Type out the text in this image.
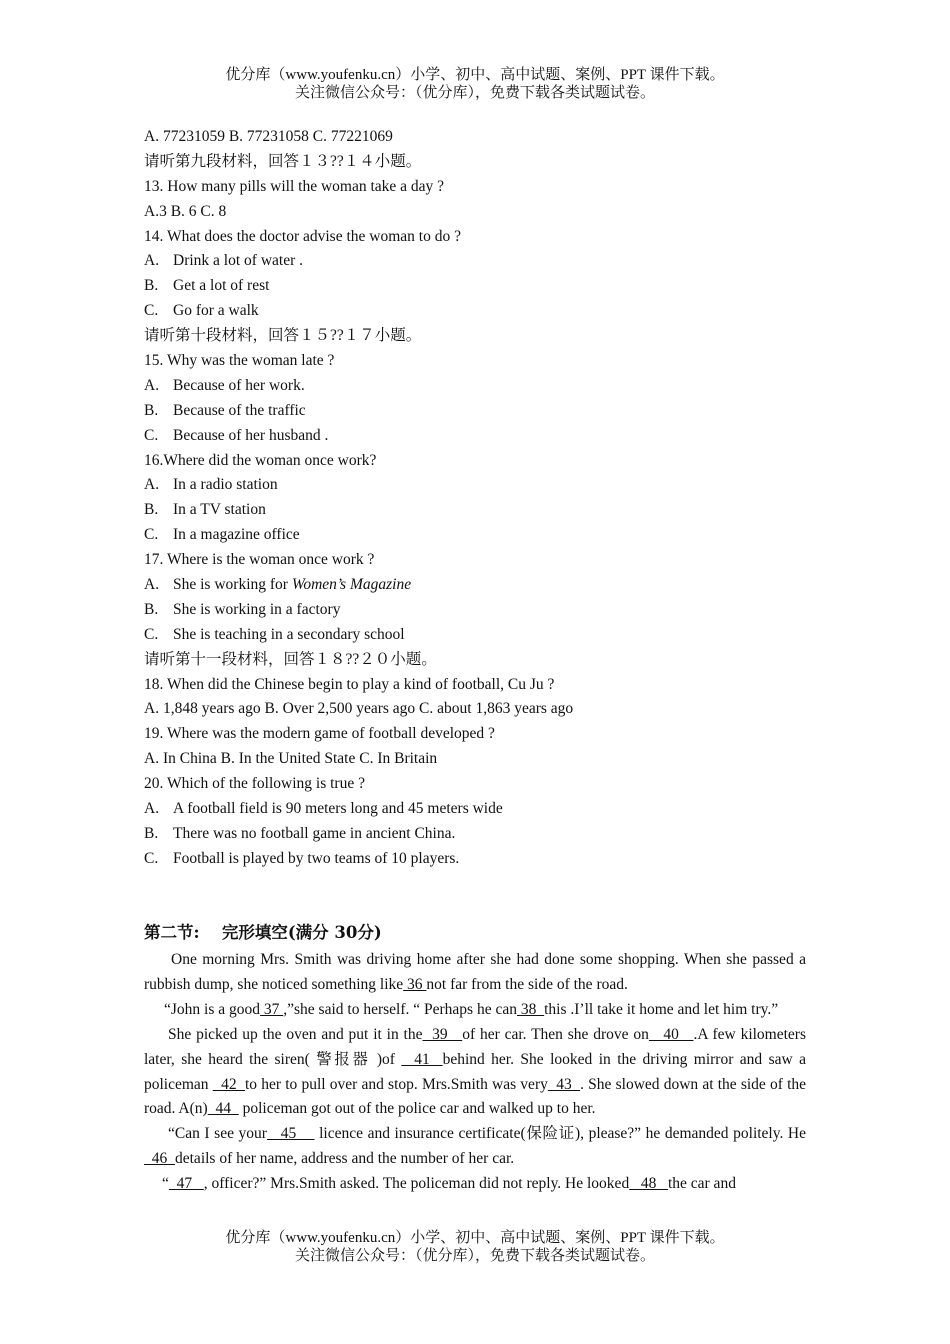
优分库（www.youfenku.cn）小学、初中、高中试题、案例、PPT 课件下载。
关注微信公众号：（优分库），免费下载各类试题试卷。
A. 77231059 B. 77231058 C. 77221069
请听第九段材料，回答１３??１４小题。
13. How many pills will the woman take a day ?
A.3 B. 6 C. 8
14. What does the doctor advise the woman to do ?
A. Drink a lot of water .
B. Get a lot of rest
C. Go for a walk
请听第十段材料，回答１５??１７小题。
15. Why was the woman late ?
A. Because of her work.
B. Because of the traffic
C. Because of her husband .
16.Where did the woman once work?
A. In a radio station
B. In a TV station
C. In a magazine office
17. Where is the woman once work ?
A. She is working for Women’s Magazine
B. She is working in a factory
C. She is teaching in a secondary school
请听第十一段材料，回答１８??２０小题。
18. When did the Chinese begin to play a kind of football, Cu Ju ?
A. 1,848 years ago B. Over 2,500 years ago C. about 1,863 years ago
19. Where was the modern game of football developed ?
A. In China B. In the United State C. In Britain
20. Which of the following is true ?
A. A football field is 90 meters long and 45 meters wide
B. There was no football game in ancient China.
C. Football is played by two teams of 10 players.
第二节:　 完形填空(满分 30分)

One morning Mrs. Smith was driving home after she had done some shopping. When she passed a rubbish dump, she noticed something like 36 not far from the side of the road.

“John is a good 37 ,”she said to herself. “ Perhaps he can 38  this .I’ll take it home and let him try.”

She picked up the oven and put it in the  39   of her car. Then she drove on   40   .A few kilometers later, she heard the siren( 警报器 )of   41  behind her. She looked in the driving mirror and saw a policeman   42  to her to pull over and stop. Mrs.Smith was very  43  . She slowed down at the side of the road. A(n)  44   policeman got out of the police car and walked up to her.

“Can I see your   45     licence and insurance certificate(保险证), please?” he demanded politely. He   46  details of her name, address and the number of her car.

“  47   , officer?” Mrs.Smith asked. The policeman did not reply. He looked   48   the car and

优分库（www.youfenku.cn）小学、初中、高中试题、案例、PPT 课件下载。
关注微信公众号：（优分库），免费下载各类试题试卷。
